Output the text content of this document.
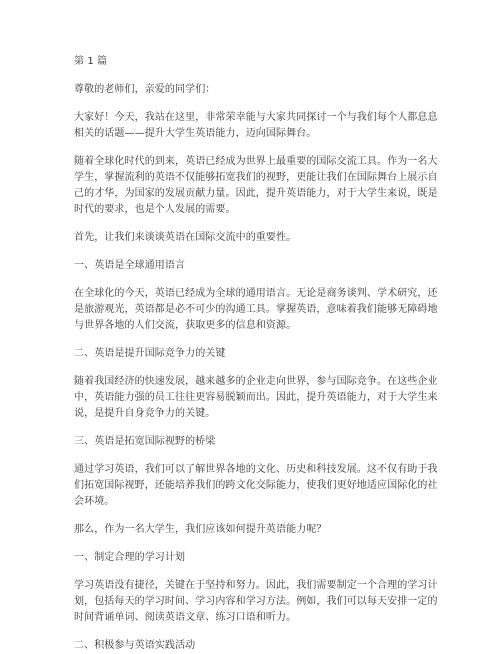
第 1 篇

尊敬的老师们，亲爱的同学们：

大家好！今天，我站在这里，非常荣幸能与大家共同探讨一个与我们每个人都息息相关的话题——提升大学生英语能力，迈向国际舞台。

随着全球化时代的到来，英语已经成为世界上最重要的国际交流工具。作为一名大学生，掌握流利的英语不仅能够拓宽我们的视野，更能让我们在国际舞台上展示自己的才华，为国家的发展贡献力量。因此，提升英语能力，对于大学生来说，既是时代的要求，也是个人发展的需要。

首先，让我们来谈谈英语在国际交流中的重要性。

一、英语是全球通用语言

在全球化的今天，英语已经成为全球的通用语言。无论是商务谈判、学术研究，还是旅游观光，英语都是必不可少的沟通工具。掌握英语，意味着我们能够无障碍地与世界各地的人们交流，获取更多的信息和资源。

二、英语是提升国际竞争力的关键

随着我国经济的快速发展，越来越多的企业走向世界，参与国际竞争。在这些企业中，英语能力强的员工往往更容易脱颖而出。因此，提升英语能力，对于大学生来说，是提升自身竞争力的关键。

三、英语是拓宽国际视野的桥梁

通过学习英语，我们可以了解世界各地的文化、历史和科技发展。这不仅有助于我们拓宽国际视野，还能培养我们的跨文化交际能力，使我们更好地适应国际化的社会环境。

那么，作为一名大学生，我们应该如何提升英语能力呢？

一、制定合理的学习计划

学习英语没有捷径，关键在于坚持和努力。因此，我们需要制定一个合理的学习计划，包括每天的学习时间、学习内容和学习方法。例如，我们可以每天安排一定的时间背诵单词、阅读英语文章、练习口语和听力。

二、积极参与英语实践活动
